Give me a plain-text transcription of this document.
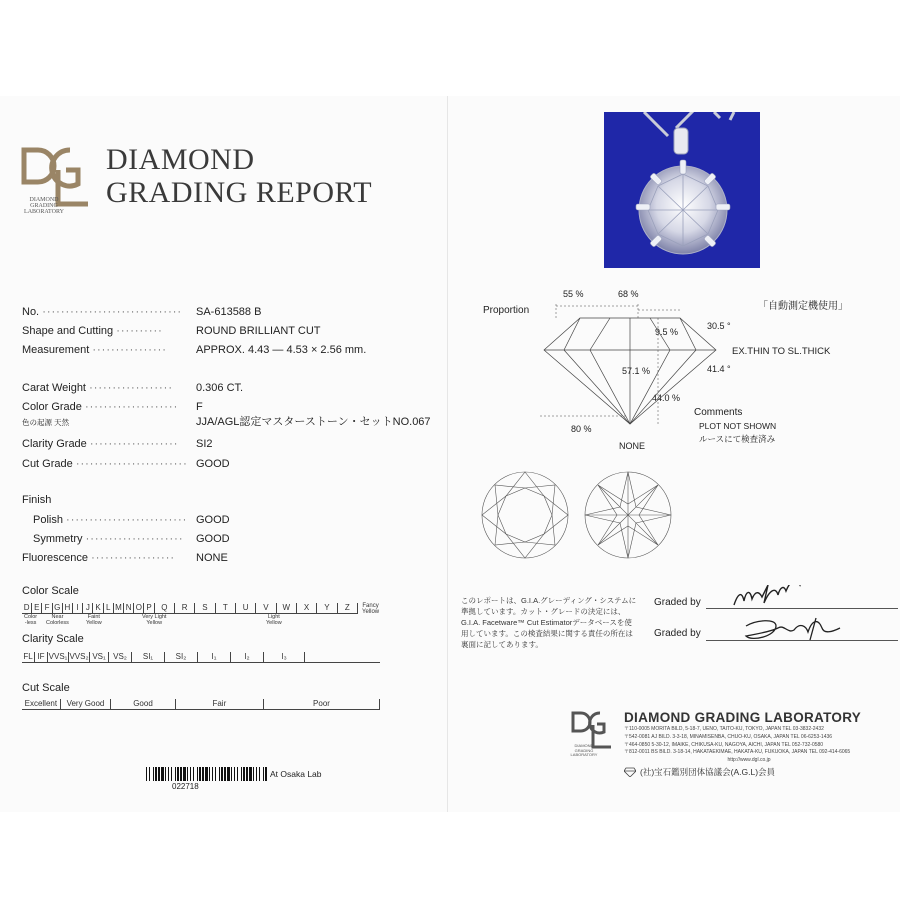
DIAMOND
GRADING
LABORATORY
DIAMOND
GRADING REPORT
No. ······························	SA-613588 B
Shape and Cutting ··········	ROUND BRILLIANT CUT
Measurement ················	APPROX. 4.43 ― 4.53 × 2.56 mm.
Carat Weight ··················	0.306 CT.
Color Grade ····················	F
色の起源 天然	JJA/AGL認定マスターストーン・セットNO.067
Clarity Grade ···················	SI2
Cut Grade ························ GOOD
Finish
Polish ·························· GOOD
Symmetry ·····················	GOOD
Fluorescence ··················	NONE
Color Scale
D E F G H I J K L M N O P	Q	R	S	T	U	V	W	X	Y	Z	Fancy
Yellow
Color
-less
Near
Colorless
Faint
Yellow
Very Light
Yellow
Light
Yellow
Clarity Scale
FL IF VVS₁ VVS₂ VS₁ VS₂	SI₁	SI₂	I₁	I₂	I₃
Cut Scale
Excellent	Very Good	Good	Fair	Poor
022718
At Osaka Lab
Proportion	「自動測定機使用」
55 %	68 %
9.5 %
30.5 °
EX.THIN TO SL.THICK
57.1 %	41.4 °
44.0 %
80 %
NONE
Comments
PLOT NOT SHOWN
ルースにて検査済み
このレポートは、G.I.A.グレーディング・システムに準拠しています。カット・グレードの決定には、G.I.A. Facetware™ Cut Estimatorデータベースを使用しています。この検査結果に関する責任の所在は裏面に記してあります。
Graded by
Graded by
DIAMOND
GRADING
LABORATORY
DIAMOND GRADING LABORATORY
〒110-0005 MORITA BILD, 5-18-7, UENO, TAITO-KU, TOKYO, JAPAN TEL 03-3832-2432
〒542-0081 AJ BILD. 3-3-18, MINAMISENBA, CHUO-KU, OSAKA, JAPAN TEL 06-6253-1436
〒464-0850 5-30-12, IMAIKE, CHIKUSA-KU, NAGOYA, AICHI, JAPAN TEL 052-732-0580
〒812-0011 BS BILD. 3-18-14, HAKATAEKIMAE, HAKATA-KU, FUKUOKA, JAPAN TEL 092-414-6065
http://www.dgl.co.jp
(社)宝石鑑別団体協議会(A.G.L)会員
